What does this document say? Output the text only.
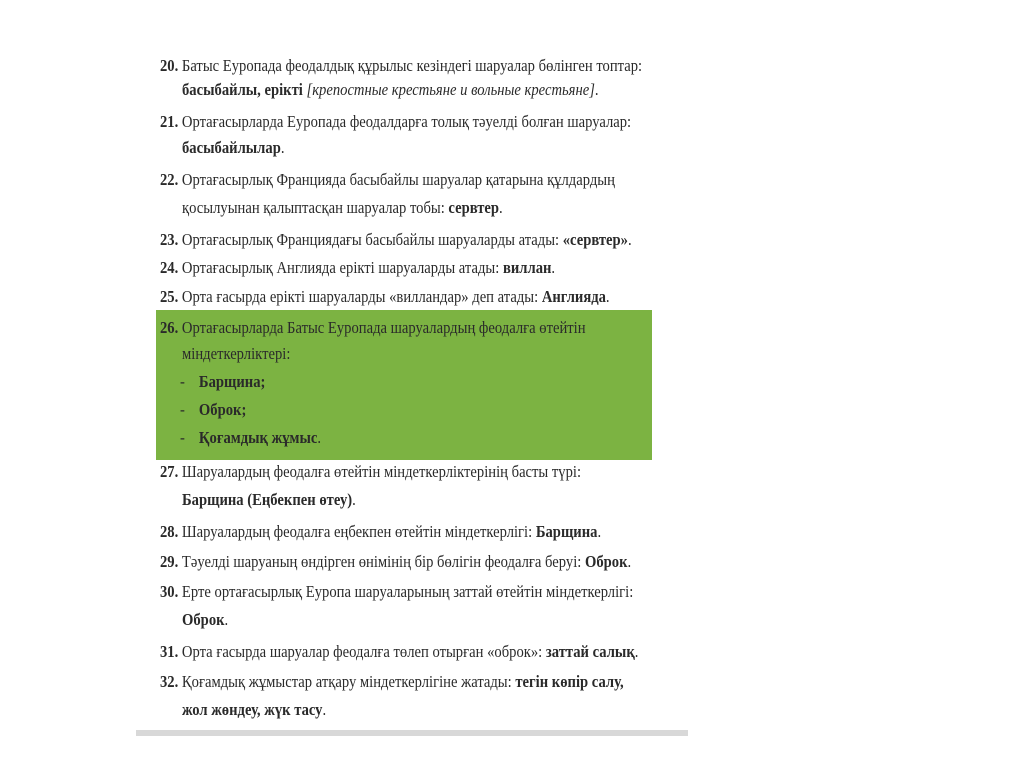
20. Батыс Еуропада феодалдық құрылыс кезіндегі шаруалар бөлінген топтар:
басыбайлы, ерікті [крепостные крестьяне и вольные крестьяне].
21. Ортағасырларда Еуропада феодалдарға толық тәуелді болған шаруалар:
басыбайлылар.
22. Ортағасырлық Францияда басыбайлы шаруалар қатарына құлдардың
қосылуынан қалыптасқан шаруалар тобы: сервтер.
23. Ортағасырлық Франциядағы басыбайлы шаруаларды атады: «сервтер».
24. Ортағасырлық Англияда ерікті шаруаларды атады: виллан.
25. Орта ғасырда ерікті шаруаларды «вилландар» деп атады: Англияда.
26. Ортағасырларда Батыс Еуропада шаруалардың феодалға өтейтін
міндеткерліктері:
- Барщина;
- Оброк;
- Қоғамдық жұмыс.
27. Шаруалардың феодалға өтейтін міндеткерліктерінің басты түрі:
Барщина (Еңбекпен өтеу).
28. Шаруалардың феодалға еңбекпен өтейтін міндеткерлігі: Барщина.
29. Тәуелді шаруаның өндірген өнімінің бір бөлігін феодалға беруі: Оброк.
30. Ерте ортағасырлық Еуропа шаруаларының заттай өтейтін міндеткерлігі:
Оброк.
31. Орта ғасырда шаруалар феодалға төлеп отырған «оброк»: заттай салық.
32. Қоғамдық жұмыстар атқару міндеткерлігіне жатады: тегін көпір салу,
жол жөндеу, жүк тасу.
